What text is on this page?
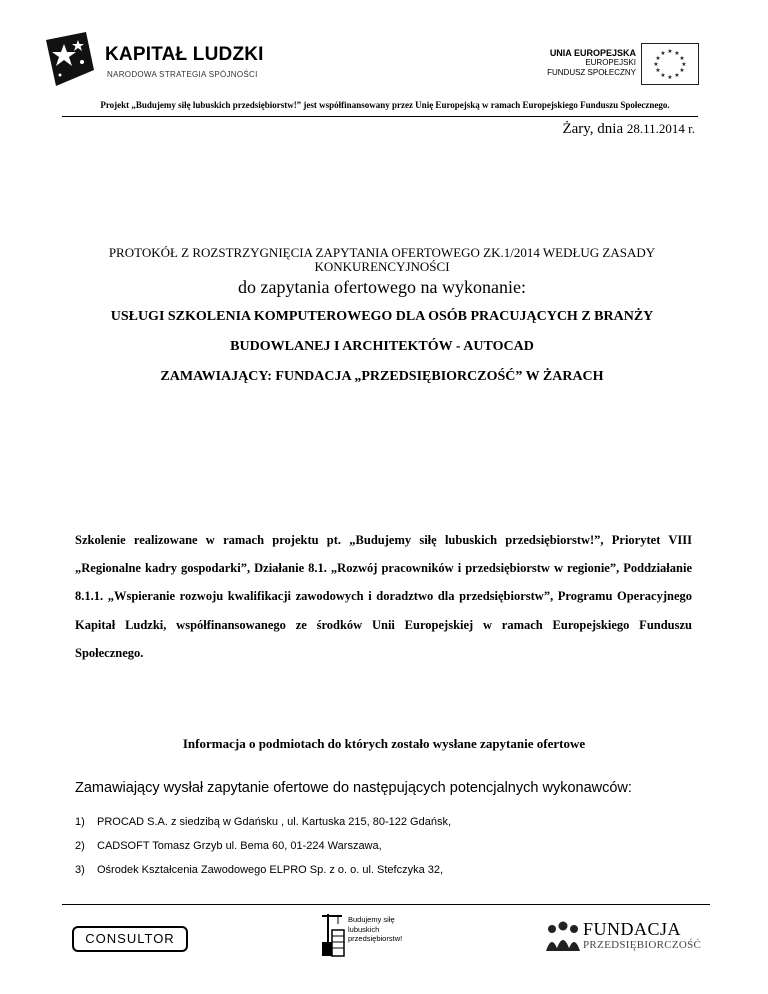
KAPITAŁ LUDZKI
NARODOWA STRATEGIA SPÓJNOŚCI
UNIA EUROPEJSKA
EUROPEJSKI
FUNDUSZ SPOŁECZNY
★ ★
★
★
★
★
★
★
★
★
★
★
Projekt „Budujemy siłę lubuskich przedsiębiorstw!” jest współfinansowany przez Unię Europejską w ramach Europejskiego Funduszu Społecznego.
Żary, dnia 28.11.2014 r.
PROTOKÓŁ Z ROZSTRZYGNIĘCIA ZAPYTANIA OFERTOWEGO ZK.1/2014 WEDŁUG ZASADY KONKURENCYJNOŚCI
do zapytania ofertowego na wykonanie:
USŁUGI SZKOLENIA KOMPUTEROWEGO DLA OSÓB PRACUJĄCYCH Z BRANŻY BUDOWLANEJ I ARCHITEKTÓW - AUTOCAD
ZAMAWIAJĄCY: FUNDACJA „PRZEDSIĘBIORCZOŚĆ” W ŻARACH
Szkolenie realizowane w ramach projektu pt. „Budujemy siłę lubuskich przedsiębiorstw!”, Priorytet VIII „Regionalne kadry gospodarki”, Działanie 8.1. „Rozwój pracowników i przedsiębiorstw w regionie”, Poddziałanie 8.1.1. „Wspieranie rozwoju kwalifikacji zawodowych i doradztwo dla przedsiębiorstw”, Programu Operacyjnego Kapitał Ludzki, współfinansowanego ze środków Unii Europejskiej w ramach Europejskiego Funduszu Społecznego.
Informacja o podmiotach do których zostało wysłane zapytanie ofertowe
Zamawiający wysłał zapytanie ofertowe do następujących potencjalnych wykonawców:
1) PROCAD S.A. z siedzibą w Gdańsku , ul. Kartuska 215, 80-122 Gdańsk,
2) CADSOFT Tomasz Grzyb ul. Bema 60, 01-224 Warszawa,
3) Ośrodek Kształcenia Zawodowego ELPRO Sp. z o. o. ul. Stefczyka 32,
CONSULTOR
Budujemy siłę
lubuskich
przedsiębiorstw!	FUNDACJA
PRZEDSIĘBIORCZOŚĆ
